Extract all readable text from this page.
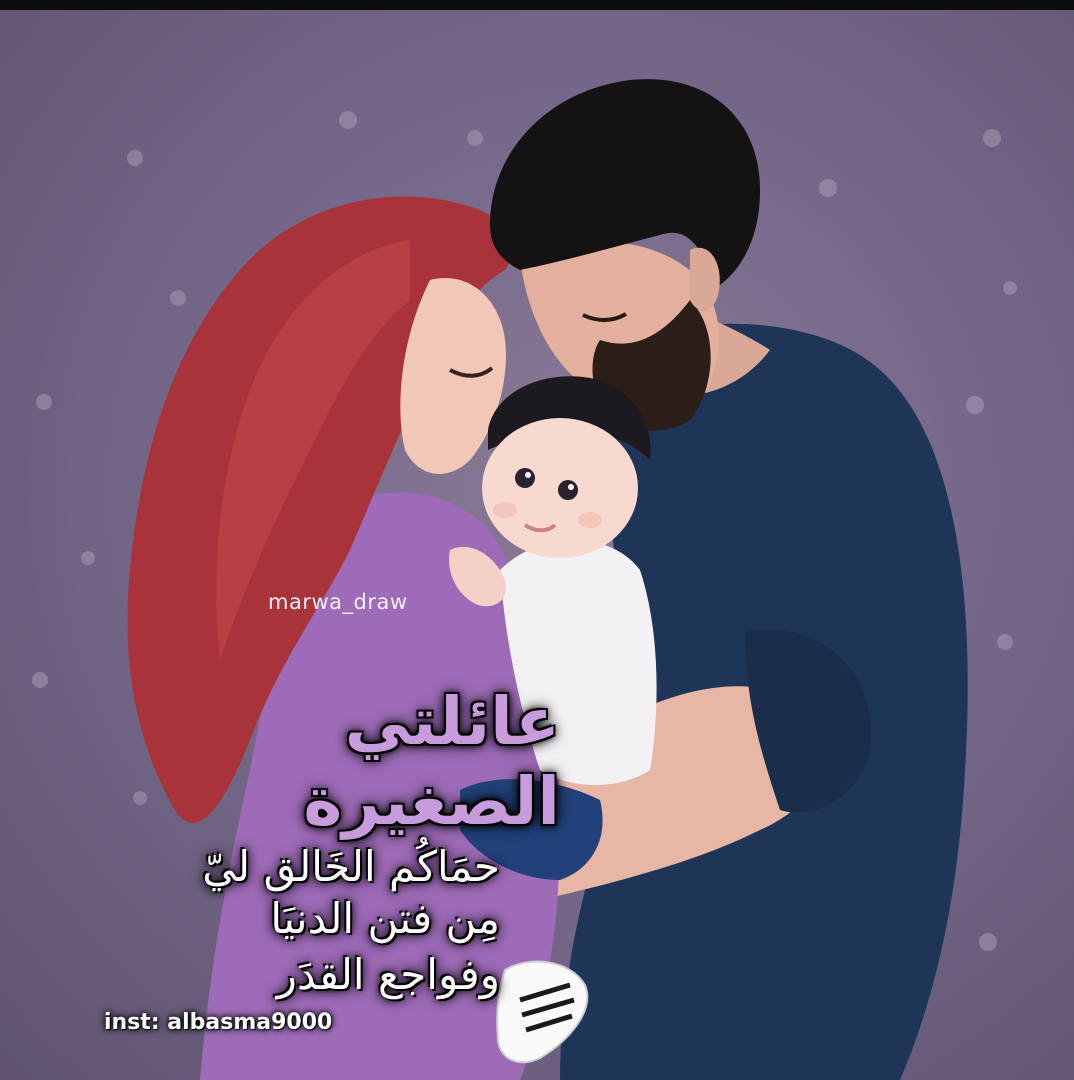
marwa_draw
عائلتي الصغيرة
حمَاكُم الخَالق ليّ
مِن فتن الدنيَا
وفواجع القدَر
inst: albasma9000
